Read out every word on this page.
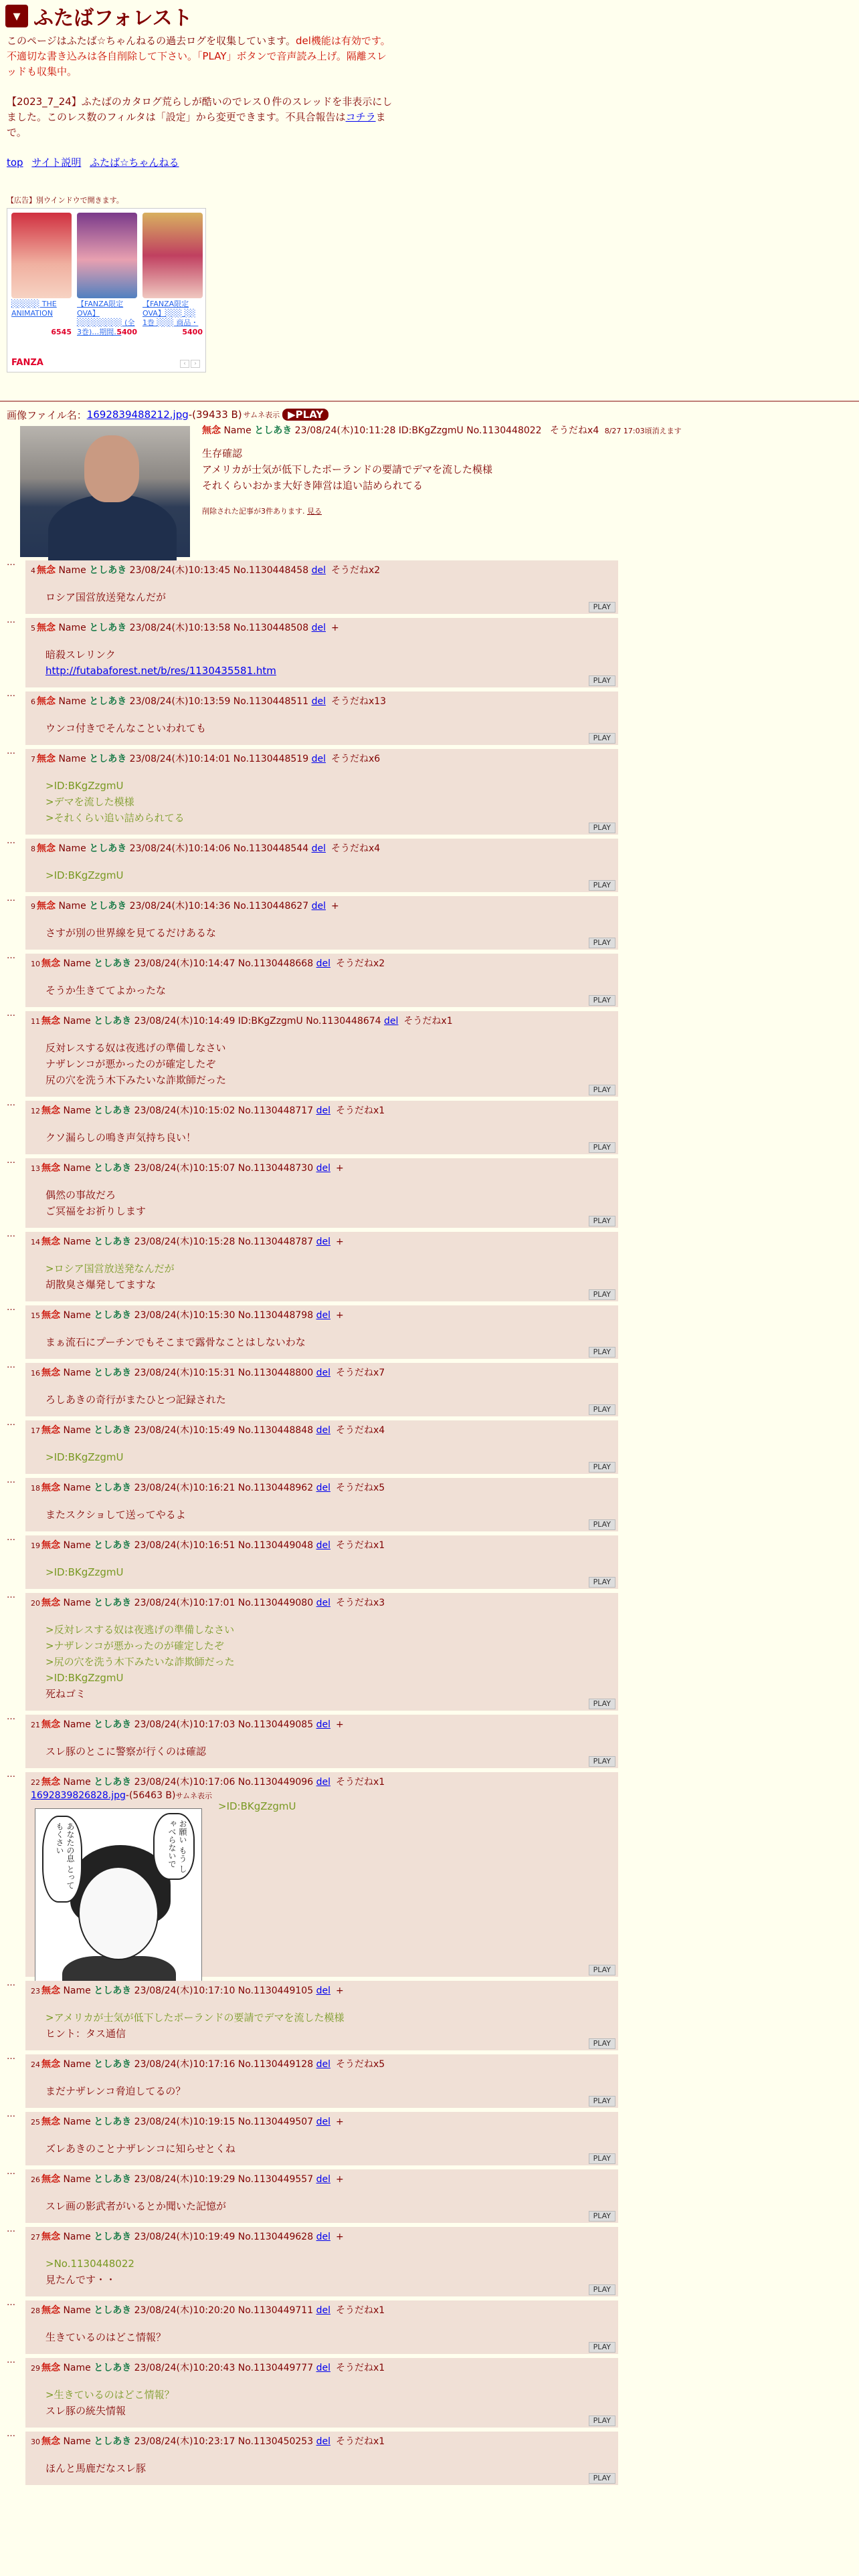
▾ ふたばフォレスト

このページはふたば☆ちゃんねるの過去ログを収集しています。del機能は有効です。不適切な書き込みは各自削除して下さい。「PLAY」ボタンで音声読み上げ。隔離スレッドも収集中。

【2023_7_24】ふたばのカタログ荒らしが酷いのでレス０件のスレッドを非表示にしました。このレス数のフィルタは「設定」から変更できます。不具合報告はコチラまで。

top サイト説明 ふたば☆ちゃんねる
【広告】別ウインドウで開きます。
░░░░░ THE ANIMATION
6545
【FANZA限定OVA】░░░░░░░░ (全3巻)…期間…
5400
【FANZA限定OVA】░░░ ░░ 1巻 ░░░ 商品・
5400
FANZA	‹	›
画像ファイル名： 1692839488212.jpg -(39433 B) サムネ表示 ▶PLAY
無念 Name としあき 23/08/24(木)10:11:28 ID:BKgZzgmU No.1130448022 そうだねx4 8/27 17:03頃消えます
生存確認
アメリカが士気が低下したポーランドの要請でデマを流した模様
それくらいおかま大好き陣営は追い詰められてる
削除された記事が3件あります. 見る
…
4 無念 Name としあき 23/08/24(木)10:13:45 No.1130448458 del そうだねx2
ロシア国営放送発なんだが
PLAY
…
5 無念 Name としあき 23/08/24(木)10:13:58 No.1130448508 del +
暗殺スレリンク
http://futabaforest.net/b/res/1130435581.htm
PLAY
…
6 無念 Name としあき 23/08/24(木)10:13:59 No.1130448511 del そうだねx13
ウンコ付きでそんなこといわれても
PLAY
…
7 無念 Name としあき 23/08/24(木)10:14:01 No.1130448519 del そうだねx6
>ID:BKgZzgmU
>デマを流した模様
>それくらい追い詰められてる
PLAY
…
8 無念 Name としあき 23/08/24(木)10:14:06 No.1130448544 del そうだねx4
>ID:BKgZzgmU
PLAY
…
9 無念 Name としあき 23/08/24(木)10:14:36 No.1130448627 del +
さすが別の世界線を見てるだけあるな
PLAY
…
10 無念 Name としあき 23/08/24(木)10:14:47 No.1130448668 del そうだねx2
そうか生きててよかったな
PLAY
…
11 無念 Name としあき 23/08/24(木)10:14:49 ID:BKgZzgmU No.1130448674 del そうだねx1
反対レスする奴は夜逃げの準備しなさい
ナザレンコが悪かったのが確定したぞ
尻の穴を洗う木下みたいな詐欺師だった
PLAY
…
12 無念 Name としあき 23/08/24(木)10:15:02 No.1130448717 del そうだねx1
クソ漏らしの鳴き声気持ち良い！
PLAY
…
13 無念 Name としあき 23/08/24(木)10:15:07 No.1130448730 del +
偶然の事故だろ
ご冥福をお祈りします
PLAY
…
14 無念 Name としあき 23/08/24(木)10:15:28 No.1130448787 del +
>ロシア国営放送発なんだが
胡散臭さ爆発してますな
PLAY
…
15 無念 Name としあき 23/08/24(木)10:15:30 No.1130448798 del +
まぁ流石にプーチンでもそこまで露骨なことはしないわな
PLAY
…
16 無念 Name としあき 23/08/24(木)10:15:31 No.1130448800 del そうだねx7
ろしあきの奇行がまたひとつ記録された
PLAY
…
17 無念 Name としあき 23/08/24(木)10:15:49 No.1130448848 del そうだねx4
>ID:BKgZzgmU
PLAY
…
18 無念 Name としあき 23/08/24(木)10:16:21 No.1130448962 del そうだねx5
またスクショして送ってやるよ
PLAY
…
19 無念 Name としあき 23/08/24(木)10:16:51 No.1130449048 del そうだねx1
>ID:BKgZzgmU
PLAY
…
20 無念 Name としあき 23/08/24(木)10:17:01 No.1130449080 del そうだねx3
>反対レスする奴は夜逃げの準備しなさい
>ナザレンコが悪かったのが確定したぞ
>尻の穴を洗う木下みたいな詐欺師だった
>ID:BKgZzgmU
死ねゴミ
PLAY
…
21 無念 Name としあき 23/08/24(木)10:17:03 No.1130449085 del +
スレ豚のとこに警察が行くのは確認
PLAY
…
22 無念 Name としあき 23/08/24(木)10:17:06 No.1130449096 del そうだねx1
1692839826828.jpg-(56463 B)サムネ表示
お願い もう しゃべらないで
あなたの息 とってもくさい
>ID:BKgZzgmU
PLAY
…
23 無念 Name としあき 23/08/24(木)10:17:10 No.1130449105 del +
>アメリカが士気が低下したポーランドの要請でデマを流した模様
ヒント：タス通信
PLAY
…
24 無念 Name としあき 23/08/24(木)10:17:16 No.1130449128 del そうだねx5
まだナザレンコ脅迫してるの？
PLAY
…
25 無念 Name としあき 23/08/24(木)10:19:15 No.1130449507 del +
ズレあきのことナザレンコに知らせとくね
PLAY
…
26 無念 Name としあき 23/08/24(木)10:19:29 No.1130449557 del +
スレ画の影武者がいるとか聞いた記憶が
PLAY
…
27 無念 Name としあき 23/08/24(木)10:19:49 No.1130449628 del +
>No.1130448022
見たんです・・
PLAY
…
28 無念 Name としあき 23/08/24(木)10:20:20 No.1130449711 del そうだねx1
生きているのはどこ情報？
PLAY
…
29 無念 Name としあき 23/08/24(木)10:20:43 No.1130449777 del そうだねx1
>生きているのはどこ情報？
スレ豚の統失情報
PLAY
…
30 無念 Name としあき 23/08/24(木)10:23:17 No.1130450253 del そうだねx1
ほんと馬鹿だなスレ豚
PLAY
